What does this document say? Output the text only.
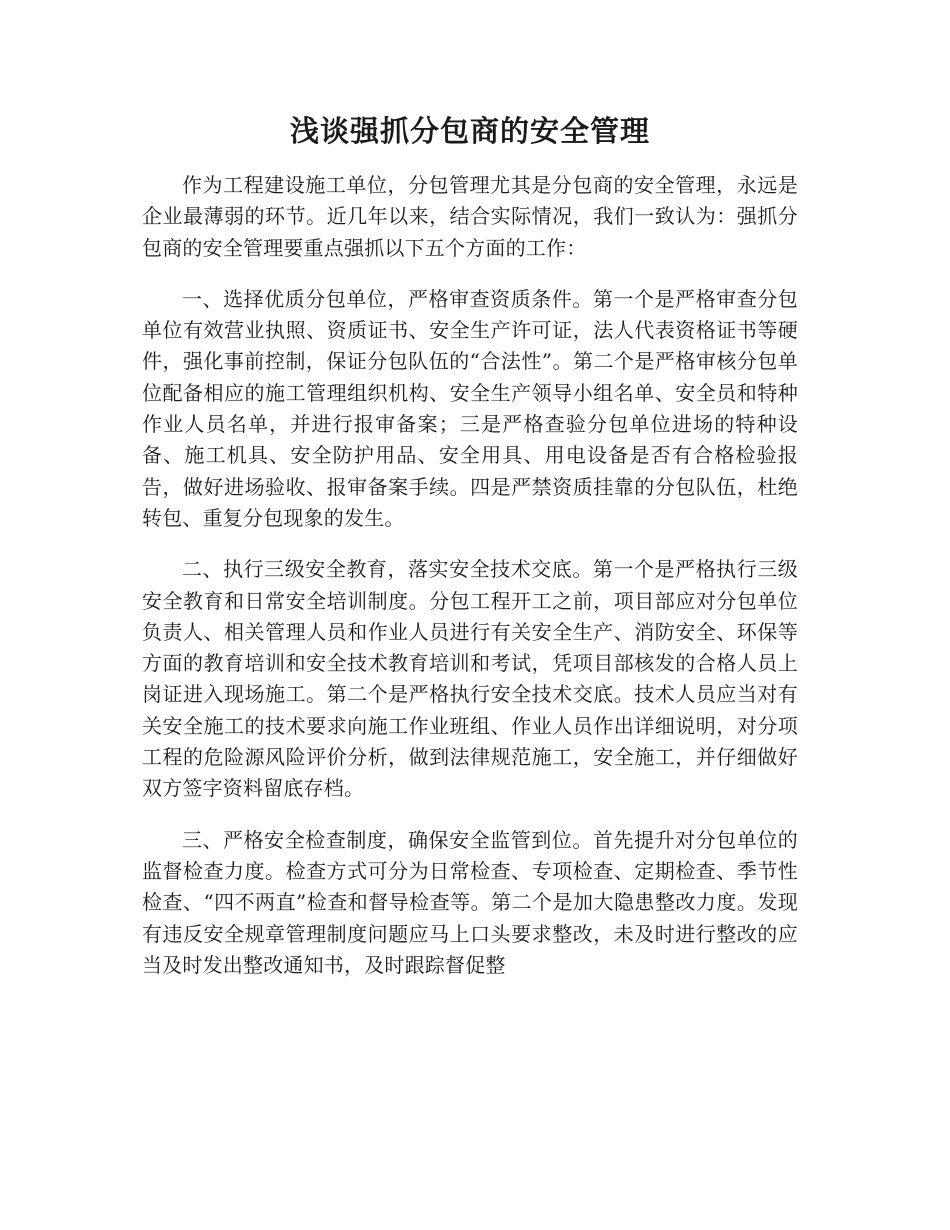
浅谈强抓分包商的安全管理

作为工程建设施工单位，分包管理尤其是分包商的安全管理，永远是企业最薄弱的环节。近几年以来，结合实际情况，我们一致认为：强抓分包商的安全管理要重点强抓以下五个方面的工作：

一、选择优质分包单位，严格审查资质条件。第一个是严格审查分包单位有效营业执照、资质证书、安全生产许可证，法人代表资格证书等硬件，强化事前控制，保证分包队伍的“合法性”。第二个是严格审核分包单位配备相应的施工管理组织机构、安全生产领导小组名单、安全员和特种作业人员名单，并进行报审备案；三是严格查验分包单位进场的特种设备、施工机具、安全防护用品、安全用具、用电设备是否有合格检验报告，做好进场验收、报审备案手续。四是严禁资质挂靠的分包队伍，杜绝转包、重复分包现象的发生。

二、执行三级安全教育，落实安全技术交底。第一个是严格执行三级安全教育和日常安全培训制度。分包工程开工之前，项目部应对分包单位负责人、相关管理人员和作业人员进行有关安全生产、消防安全、环保等方面的教育培训和安全技术教育培训和考试，凭项目部核发的合格人员上岗证进入现场施工。第二个是严格执行安全技术交底。技术人员应当对有关安全施工的技术要求向施工作业班组、作业人员作出详细说明，对分项工程的危险源风险评价分析，做到法律规范施工，安全施工，并仔细做好双方签字资料留底存档。

三、严格安全检查制度，确保安全监管到位。首先提升对分包单位的监督检查力度。检查方式可分为日常检查、专项检查、定期检查、季节性检查、“四不两直”检查和督导检查等。第二个是加大隐患整改力度。发现有违反安全规章管理制度问题应马上口头要求整改，未及时进行整改的应当及时发出整改通知书，及时跟踪督促整
